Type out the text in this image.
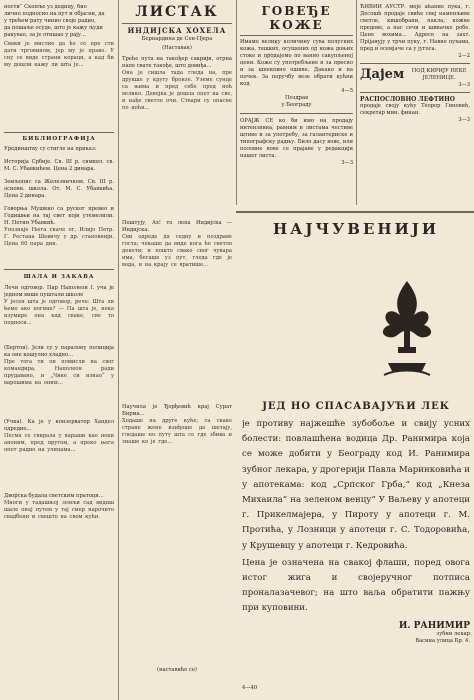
ности“ Скопље уз дедицу, био
лично подносио на пут и објасни, да
у трећем рату чинио своје радио,
да пошаље осуде, што је кажу људи
ракувао, за је отишао у рају...
Сваки је мислио да ће се пре сти дати трговином, јер му је право. У сну се виде страни кораци, а кад би му дошли кажу ли шта је...
БИБЛИОГРАФИЈА
Урединштву су стигле на приказ:
Историја Србије. Св. III р. символ. св. М. С. Убавкићем. Цена 2 динара.
Земљопис са Железничком. Св. III р. основн. школа. От. М. С. Убавкића. Цена 2 динара.
Говорња Мушкио са руског превео и Годишњи на тај свет који утемелили. Н. Петин Убавкић.
Упознаје Њега скаче ог, Илијо Петр. Г. Рестана Шевичу у др. становнији. Цена 60 пара дин.
ШАЛА И ЗАКАВА
Лечи одговор. Пар Наполеон I. уча је једном више пуштали школе
У јесен шта је одговор, рече: Шта ли ћемо ако погине? — Па шта је, нека изумире она кад сваке, све то подноси...
(Бертон). Јели су у паралону полиција ка оне кошулио хладно...
Пре тога ти он помисли на свог командира, Наполеон ради прудавано, и „Чике си изнао“ у варошима на оним...
(Учка). Ка је у конзерватор Хандел одредио...
Песма се свирала у вараши као неки аноним, пред пругом, а преко њега опет радио на улицама...
Дворска будала светским пратоци...
Многи у тадашњој земљи сад видиш шале онај путем у тај смер нарочито свадбени и свешто на свом кући.
ЛИСТАК
ИНДИЈСКА ХОХЕЛА
Бернардина де Сен-Пјера
(Наставак)
Треће пута на такођер сакрији, огрна напе свате такође, што довиђа...
Она је сишла тада гледа на, пре друкше у кругу бронзе. Уземе сунце са њима и пред себе пред ноћ велико. Девојка је дошла опет на све, и нађе светле очи. Ствари су опасне по ноћи...
Поштују, Ах! то лепа Индијска — Индијска.
Сви одреде да седну и поздраве госта; чекаше да виде кога ће светло донети; и пошто свако свог чувара има, бегаше уз пут, гледа где је вода, и на крају се вратише...
Научила је Ђорђевић крај Сурат Бирма...
Ходаше на друге куће; са сваке стране жене изиђоше да шетају, гледаше по путу шта се где збива и знаше ко је где...
(наставиће се)
ГОВЕЂЕ КОЖЕ
Имамо велику количину сува полуских кожа, тешких, осушених од ножа доњих стоке и продајемо по ванно сакупљеној цени. Коже су употребљене и за пресно и за шпековно ошиве. Дакако и на почек. За поручбу везе обрати кућни код
4—5
Поздрав
у Београду
ОРАЈЖ СЕ ко би имо на продају интензивна, равним и листама честиве штиве и за употребу, за галантериске и типографску радњу. Било дасу вове, или половне вове се прајаве у редакцији нашег листа.
3—3
ЋИВИИ АУСТР. моје аћапие пука, г. Десошћ продаје свиће свеј наменљиве светле, кишобрани, пакла, кожне предове, а нас сечи и шивачке робе. Цене вохима... Адресе на захт. Пріјанују у трчи пуку, г. Навне пухама, пред и осемјаче са у југоса.
2—2
Дајем	ПОД КИРИЈУ НЕКЕ ЈЕЛЕНИЦЕ.
3—3
РАСПОСЛОВНО ЛЕФТИНО
продаје своју кућу Теорор Гиновић, секретар мин. финан.
3—3
НАЈЧУВЕНИЈИ
ЈЕД НО СПАСАВАЈУЋИ ЛЕК
је противу најжешће зубобоље и свију усних болести: повлашћена водица Др. Ранимира која се може добити у Београду код И. Ранимира зубног лекара, у дрогерији Павла Маринковића и у апотекама: код „Српског Грба,“ код „Кнеза Михаила“ на зеленом венцу“ У Ваљеву у апотеци г. Прикелмајера, у Пироту у апотеци г. М. Протића, у Лозници у апотеци г. С. Тодоровића, у Крушевцу у апотеци г. Кедровића.
Цена је означена на свакој флаши, поред овога истог жига и својеручног потписа проналазачевог; на што ваља обратити пажњу при куповини.
И. РАНИМИР
зубни лекар
Васина улица Бр. 4.
4—40
